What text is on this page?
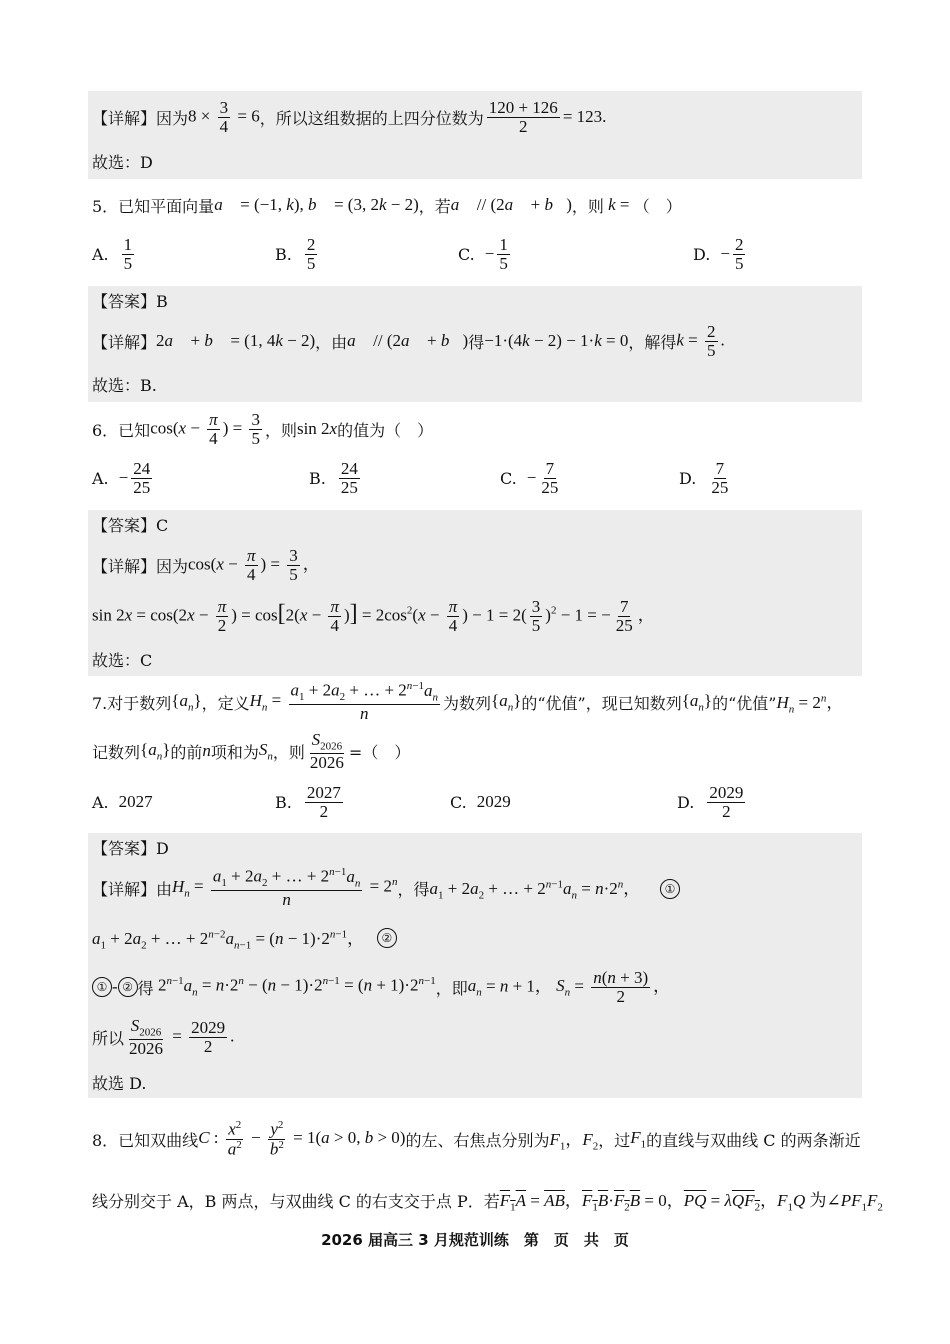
【详解】因为 $8 \times \frac{3}{4} = 6$ ，所以这组数据的上四分位数为 $\frac{120 + 126}{2} = 123$.
故选：D
5．已知平面向量 a⃗ = (−1, k), b⃗ = (3, 2k − 2) ，若 a⃗ // (2a⃗ + b⃗) ，则 k = （　）
A. $\frac{1}{5}$	B. $\frac{2}{5}$	C. − $\frac{1}{5}$	D. − $\frac{2}{5}$
【答案】B
【详解】 2a⃗ + b⃗ = (1, 4k − 2) ，由 a⃗ // (2a⃗ + b⃗) 得 −1·(4k − 2) − 1·k = 0 ，解得 $k = \frac{2}{5}$ .
故选：B.
6．已知 $\cos(x - \frac{\pi}{4}$ ) = $\frac{3}{5}$ ，则 sin 2x 的值为（　）
A. − $\frac{24}{25}$	B. $\frac{24}{25}$	C. − $\frac{7}{25}$	D. $\frac{7}{25}$
【答案】C
【详解】因为 $\cos(x - \frac{\pi}{4}$ ) = $\frac{3}{5}$ ，
$\sin 2x = \cos(2x - \frac{\pi}{2}$ ) = $\cos[2(x - \frac{\pi}{4}$ )] = $2\cos^2(x - \frac{\pi}{4}$ ) − $1 = 2( \frac{3}{5} )^2 - 1$ = − $\frac{7}{25}$ ，
故选：C
7.对于数列 $\{a_n\}$ ，定义 $H_n = \frac{a_1 + 2a_2 + \dots + 2^{n-1}a_n}{n}$ 为数列 $\{a_n\}$ 的“优值”，现已知数列 $\{a_n\}$ 的“优值” $H_n = 2^n$，
记数列 $\{a_n\}$ 的前 n 项和为 $S_n$ ，则 $\frac{S_{2026}}{2026}$ =（　）
A. 2027	B. $\frac{2027}{2}$	C. 2029	D. $\frac{2029}{2}$
【答案】D
【详解】由 $H_n = \frac{a_1 + 2a_2 + \dots + 2^{n-1}a_n}{n} = 2^n$ ，得 $a_1 + 2a_2$ + … + $2^{n-1}a_n = n\cdot 2^n$，	①
$a_1 + 2a_2$ + … + $2^{n-2}a_{n-1} = (n - 1)\cdot 2^{n-1}$， ②
① - ② 得 $2^{n-1}a_n = n\cdot 2^n - (n - 1)\cdot 2^{n-1} = (n + 1)\cdot 2^{n-1}$ ，即 $a_n = n + 1$， $S_n = \frac{n(n + 3)}{2}$ ，
所以 $\frac{S_{2026}}{2026} = \frac{2029}{2}$ .
故选 D.
8．已知双曲线 C : $\frac{x^2}{a^2} - \frac{y^2}{b^2} = 1(a > 0$, b > 0) 的左、右焦点分别为 $F_1$，$F_2$ ，过 $F_1$ 的直线与双曲线 C 的两条渐近
线分别交于 A，B 两点，与双曲线 C 的右支交于点 P．若 $F_1A = \overline{AB}$，$F_1B\cdot F_2B = 0$，$\overline{PQ} = \lambda QF_2$，$F_1Q$ 为$\angle PF_1F_2$
2026 届高三 3 月规范训练　第　页　共　页
